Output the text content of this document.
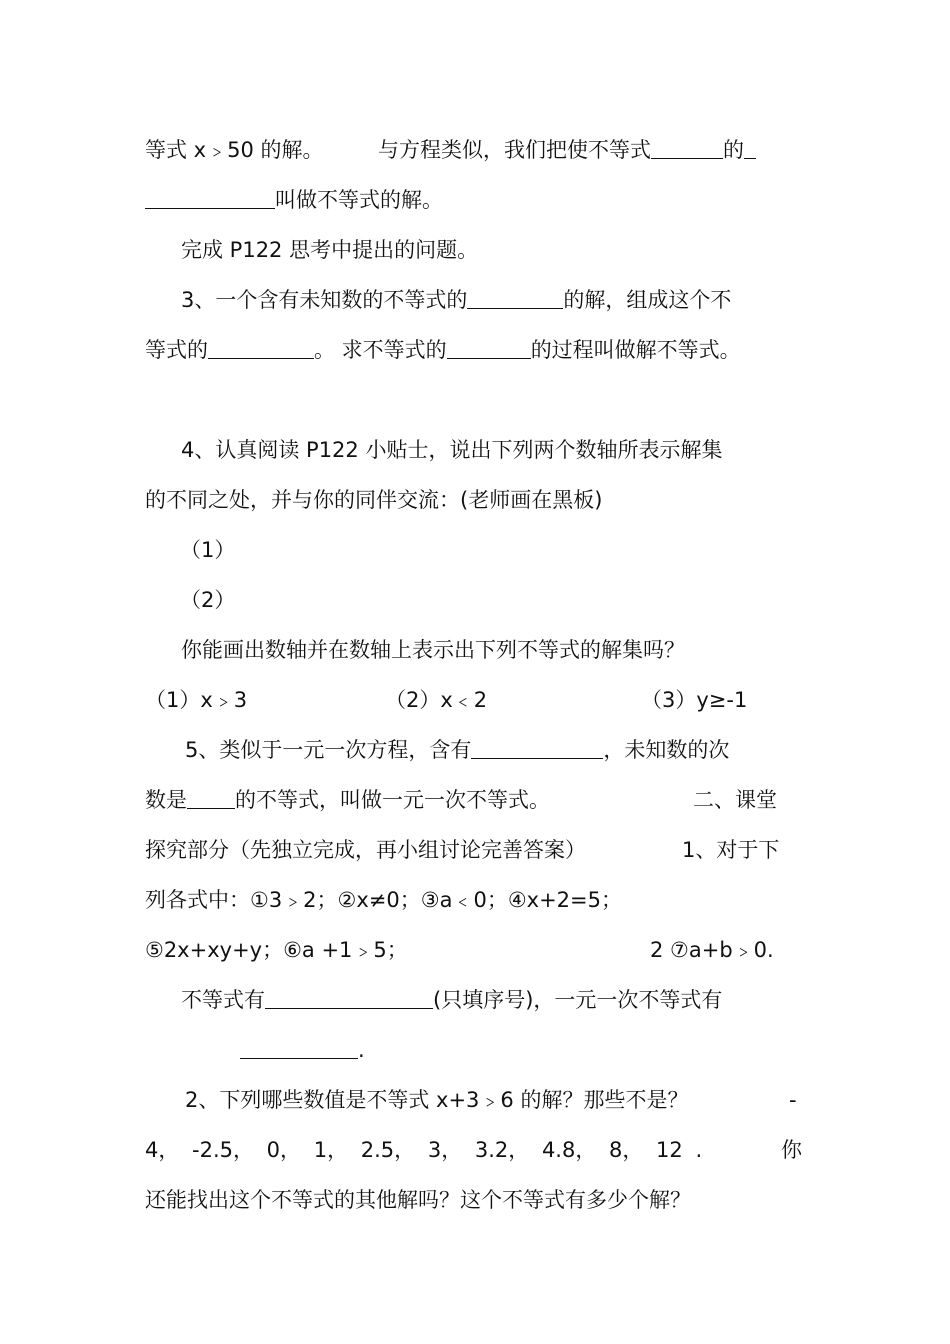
等式 x﹥50 的解。	与方程类似，我们把使不等式	的
叫做不等式的解。
完成 P122 思考中提出的问题。
3、一个含有未知数的不等式的	的解，组成这个不
等式的	。 求不等式的	的过程叫做解不等式。
4、认真阅读 P122 小贴士，说出下列两个数轴所表示解集
的不同之处，并与你的同伴交流：(老师画在黑板)
（1）
（2）
你能画出数轴并在数轴上表示出下列不等式的解集吗？
（1）x﹥3	（2）x﹤2	（3）y≥-1
5、类似于一元一次方程，含有	，未知数的次
数是 的不等式，叫做一元一次不等式。	二、课堂
探究部分（先独立完成，再小组讨论完善答案）	1、对于下
列各式中：①3﹥2；②x≠0；③a﹤0；④x+2=5；
⑤2x+xy+y；⑥a +1﹥5；	2 ⑦a+b﹥0.
不等式有	(只填序号)，一元一次不等式有
.
2、下列哪些数值是不等式 x+3﹥6 的解？那些不是？	-
4， -2.5， 0， 1， 2.5， 3， 3.2， 4.8， 8， 12 .	你
还能找出这个不等式的其他解吗？这个不等式有多少个解？
